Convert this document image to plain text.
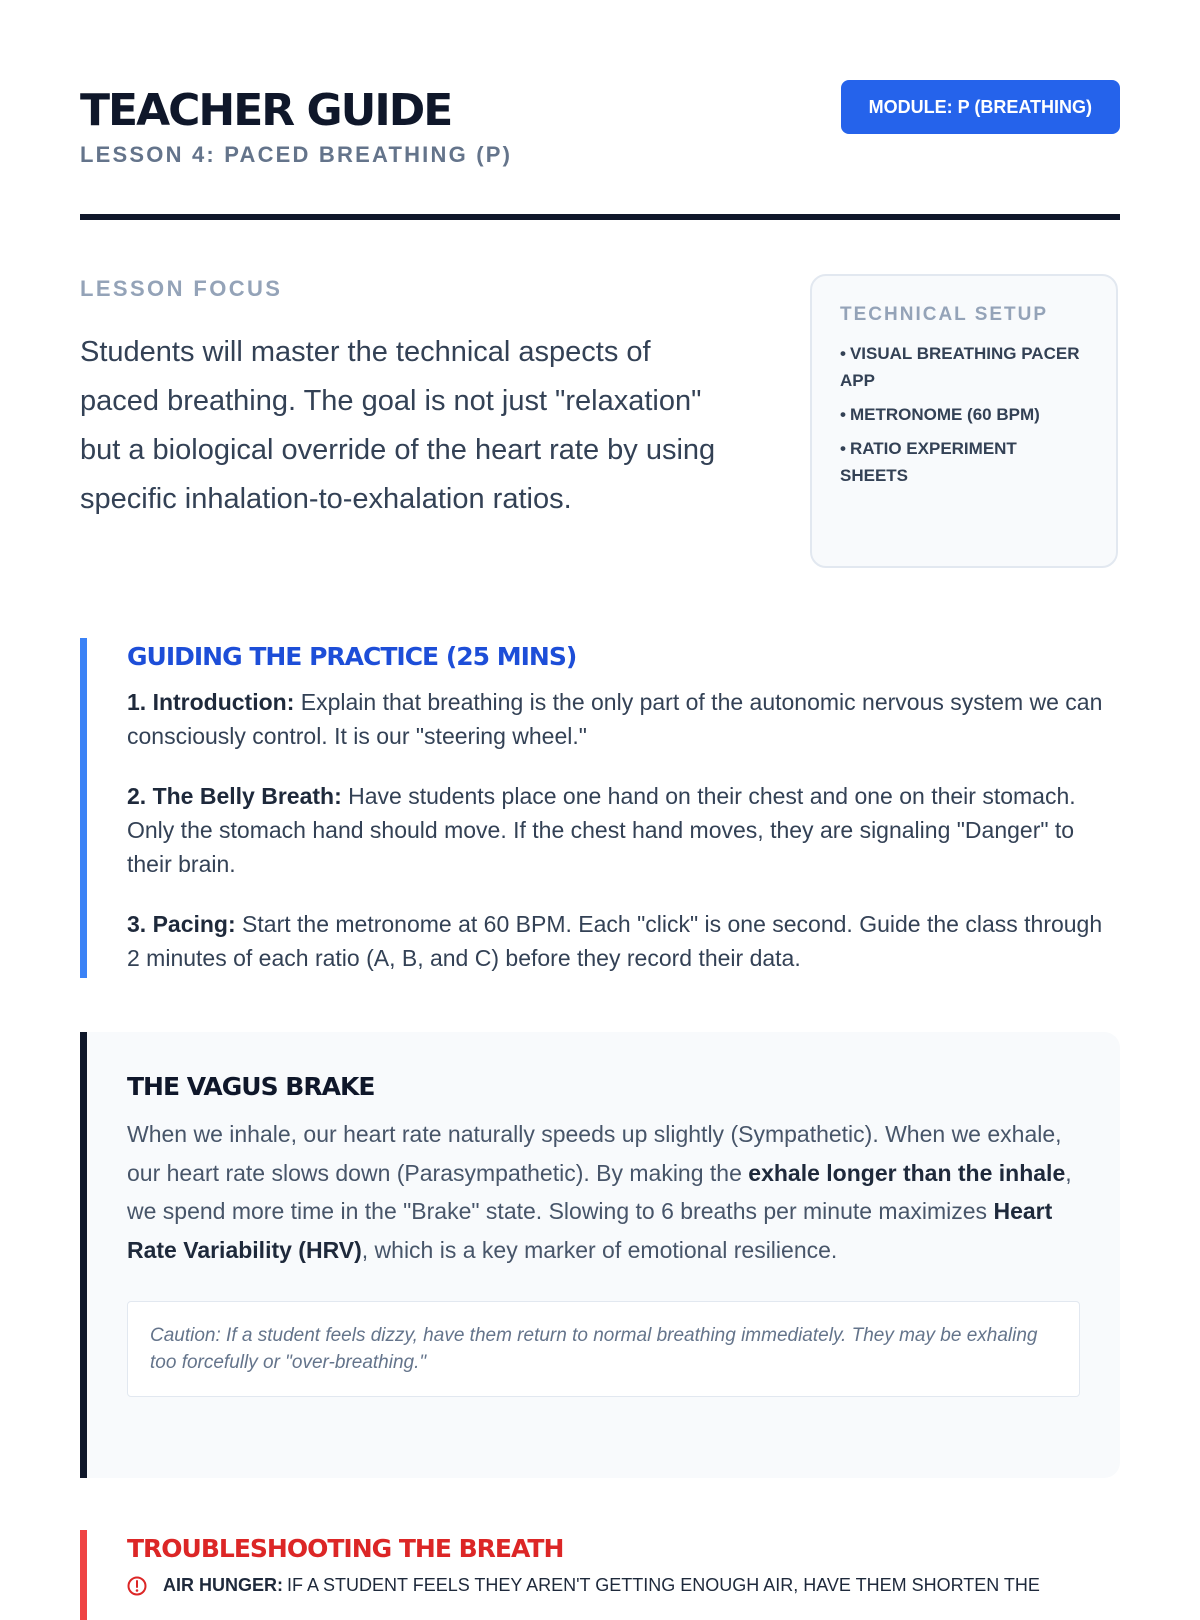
TEACHER GUIDE
LESSON 4: PACED BREATHING (P)
MODULE: P (BREATHING)
LESSON FOCUS
Students will master the technical aspects of paced breathing. The goal is not just "relaxation" but a biological override of the heart rate by using specific inhalation-to-exhalation ratios.
TECHNICAL SETUP
• VISUAL BREATHING PACER APP
• METRONOME (60 BPM)
• RATIO EXPERIMENT SHEETS
GUIDING THE PRACTICE (25 MINS)

1. Introduction: Explain that breathing is the only part of the autonomic nervous system we can consciously control. It is our "steering wheel."

2. The Belly Breath: Have students place one hand on their chest and one on their stomach. Only the stomach hand should move. If the chest hand moves, they are signaling "Danger" to their brain.

3. Pacing: Start the metronome at 60 BPM. Each "click" is one second. Guide the class through 2 minutes of each ratio (A, B, and C) before they record their data.

THE VAGUS BRAKE

When we inhale, our heart rate naturally speeds up slightly (Sympathetic). When we exhale, our heart rate slows down (Parasympathetic). By making the exhale longer than the inhale, we spend more time in the "Brake" state. Slowing to 6 breaths per minute maximizes Heart Rate Variability (HRV), which is a key marker of emotional resilience.

Caution: If a student feels dizzy, have them return to normal breathing immediately. They may be exhaling too forcefully or "over-breathing."
TROUBLESHOOTING THE BREATH
AIR HUNGER: IF A STUDENT FEELS THEY AREN'T GETTING ENOUGH AIR, HAVE THEM SHORTEN THE
